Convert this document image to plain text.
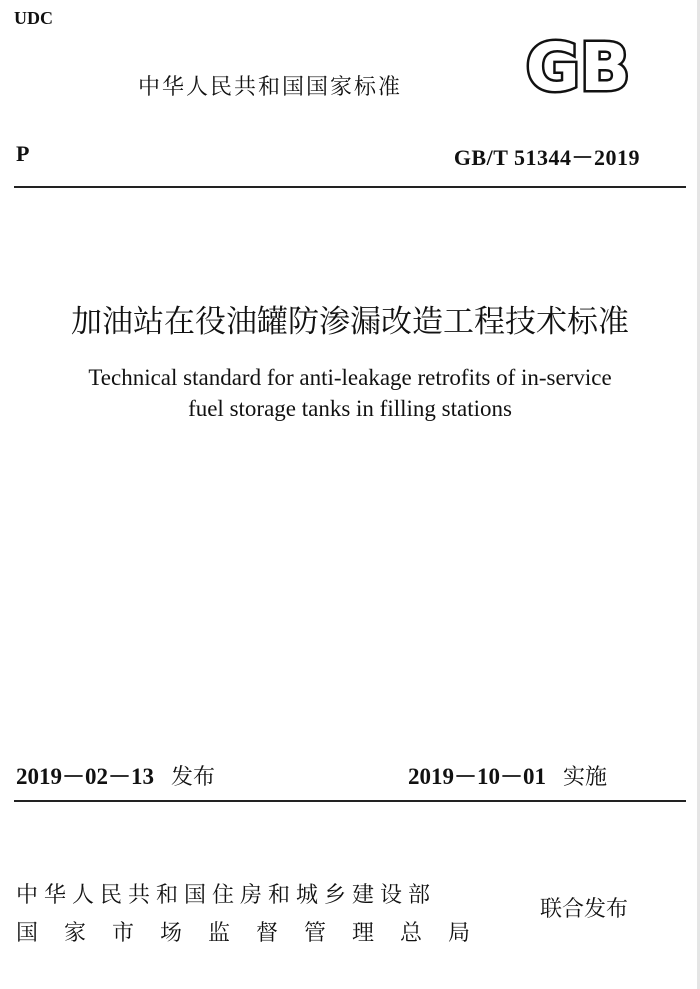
UDC
中华人民共和国国家标准 GB
P	GB/T 51344－2019
加油站在役油罐防渗漏改造工程技术标准
Technical standard for anti-leakage retrofits of in-service
fuel storage tanks in filling stations
2019－02－13 发布	2019－10－01 实施
中华人民共和国住房和城乡建设部
国家市场监督管理总局
联合发布
